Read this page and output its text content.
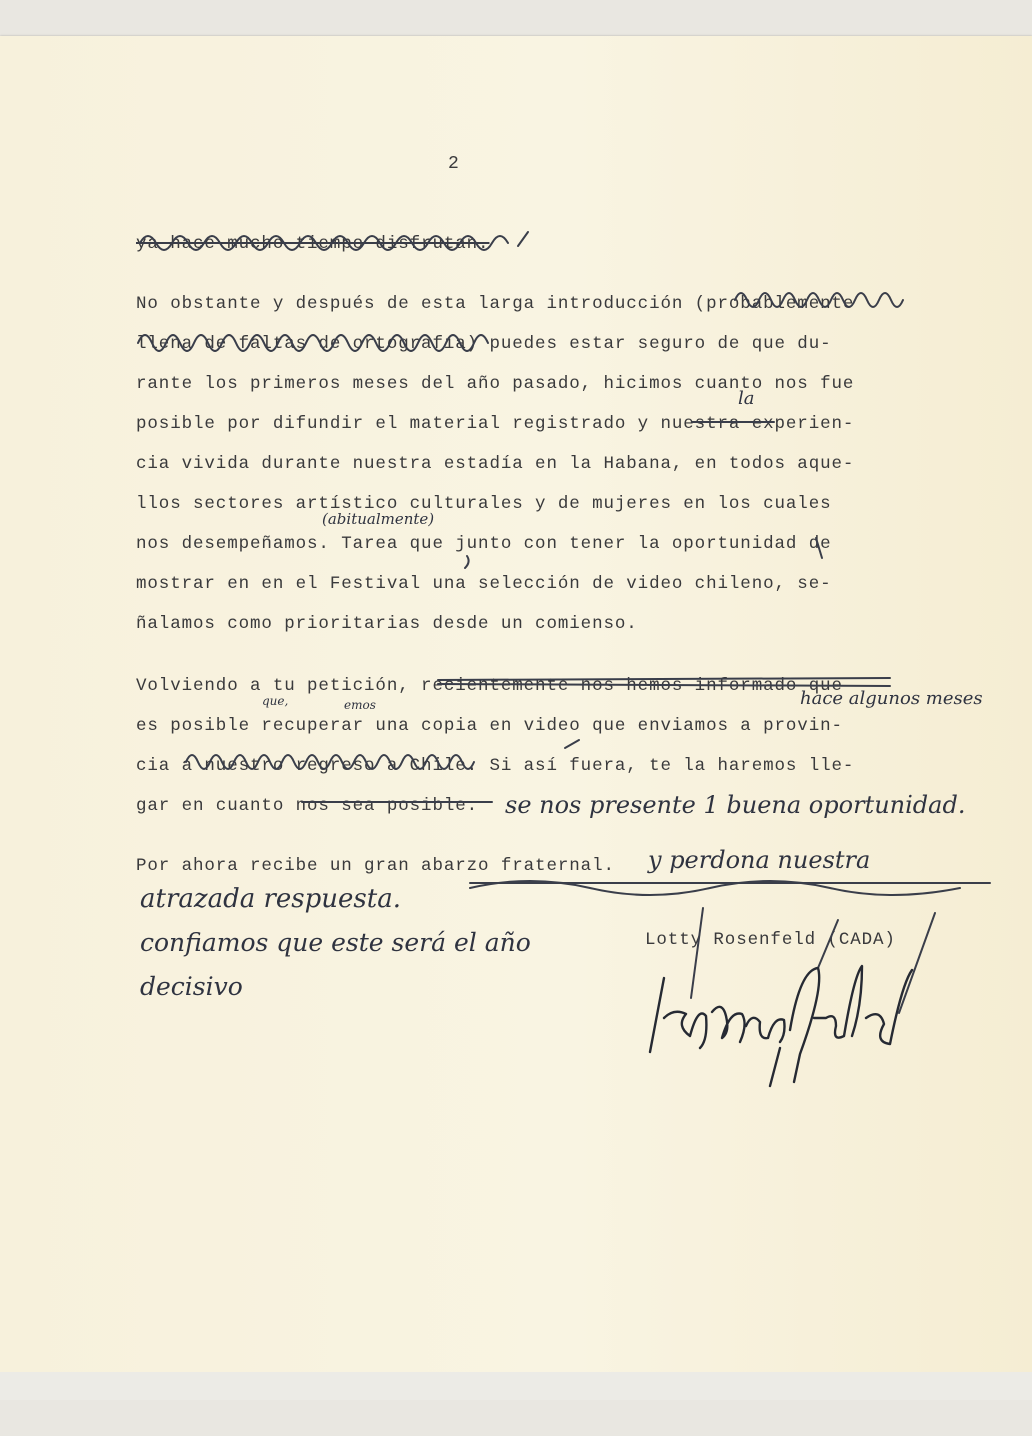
2
ya hace mucho tiempo disfrutan.
No obstante y después de esta larga introducción (probablemente
llena de faltas de ortografía) puedes estar seguro de que du-
rante los primeros meses del año pasado, hicimos cuanto nos fue
posible por difundir el material registrado y nuestra experien-
cia vivida durante nuestra estadía en la Habana, en todos aque-
llos sectores artístico culturales y de mujeres en los cuales
nos desempeñamos. Tarea que junto con tener la oportunidad de
mostrar en en el Festival una selección de video chileno, se-
ñalamos como prioritarias desde un comienso.
Volviendo a tu petición, recientemente nos hemos informado que
es posible recuperar una copia en video que enviamos a provin-
cia a nuestro regreso a Chile. Si así fuera, te la haremos lle-
gar en cuanto nos sea posible.
Por ahora recibe un gran abarzo fraternal.
Lotty Rosenfeld (CADA)
la
(abitualmente)
que,	emos	hace algunos meses
se nos presente 1 buena oportunidad.
y perdona nuestra
atrazada respuesta.
confiamos que este será el año
decisivo
